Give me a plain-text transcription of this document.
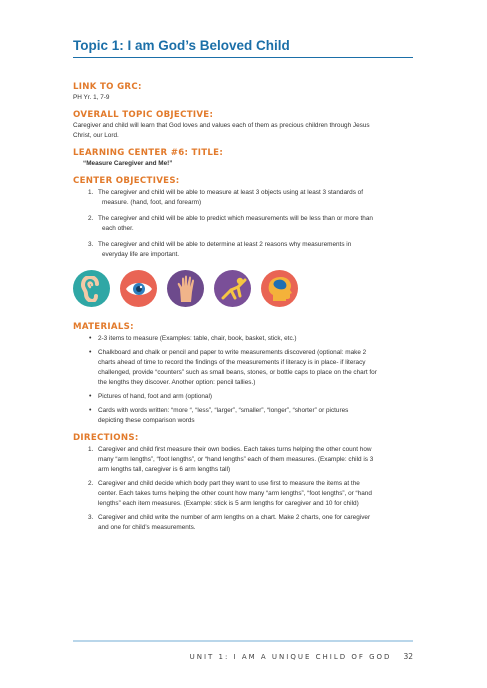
Topic 1: I am God’s Beloved Child
LINK TO GRC:

PH Yr. 1, 7-9

OVERALL TOPIC OBJECTIVE:

Caregiver and child will learn that God loves and values each of them as precious children through Jesus

Christ, our Lord.

LEARNING CENTER #6: TITLE:

“Measure Caregiver and Me!”

CENTER OBJECTIVES:
1. The caregiver and child will be able to measure at least 3 objects using at least 3 standards of
measure. (hand, foot, and forearm)
2. The caregiver and child will be able to predict which measurements will be less than or more than
each other.
3. The caregiver and child will be able to determine at least 2 reasons why measurements in
everyday life are important.
MATERIALS:
• 2-3 items to measure (Examples: table, chair, book, basket, stick, etc.)
• Chalkboard and chalk or pencil and paper to write measurements discovered (optional: make 2
charts ahead of time to record the findings of the measurements if literacy is in place- if literacy
challenged, provide “counters” such as small beans, stones, or bottle caps to place on the chart for
the lengths they discover. Another option: pencil tallies.)
• Pictures of hand, foot and arm (optional)
• Cards with words written: “more “, “less”, “larger”, “smaller”, “longer”, “shorter” or pictures
depicting these comparison words
DIRECTIONS:
1. Caregiver and child first measure their own bodies. Each takes turns helping the other count how
many “arm lengths”, “foot lengths”, or “hand lengths” each of them measures. (Example: child is 3
arm lengths tall, caregiver is 6 arm lengths tall)
2. Caregiver and child decide which body part they want to use first to measure the items at the
center. Each takes turns helping the other count how many “arm lengths”, “foot lengths”, or “hand
lengths” each item measures. (Example: stick is 5 arm lengths for caregiver and 10 for child)
3. Caregiver and child write the number of arm lengths on a chart. Make 2 charts, one for caregiver
and one for child’s measurements.
UNIT 1: I AM A UNIQUE CHILD OF GOD 32
